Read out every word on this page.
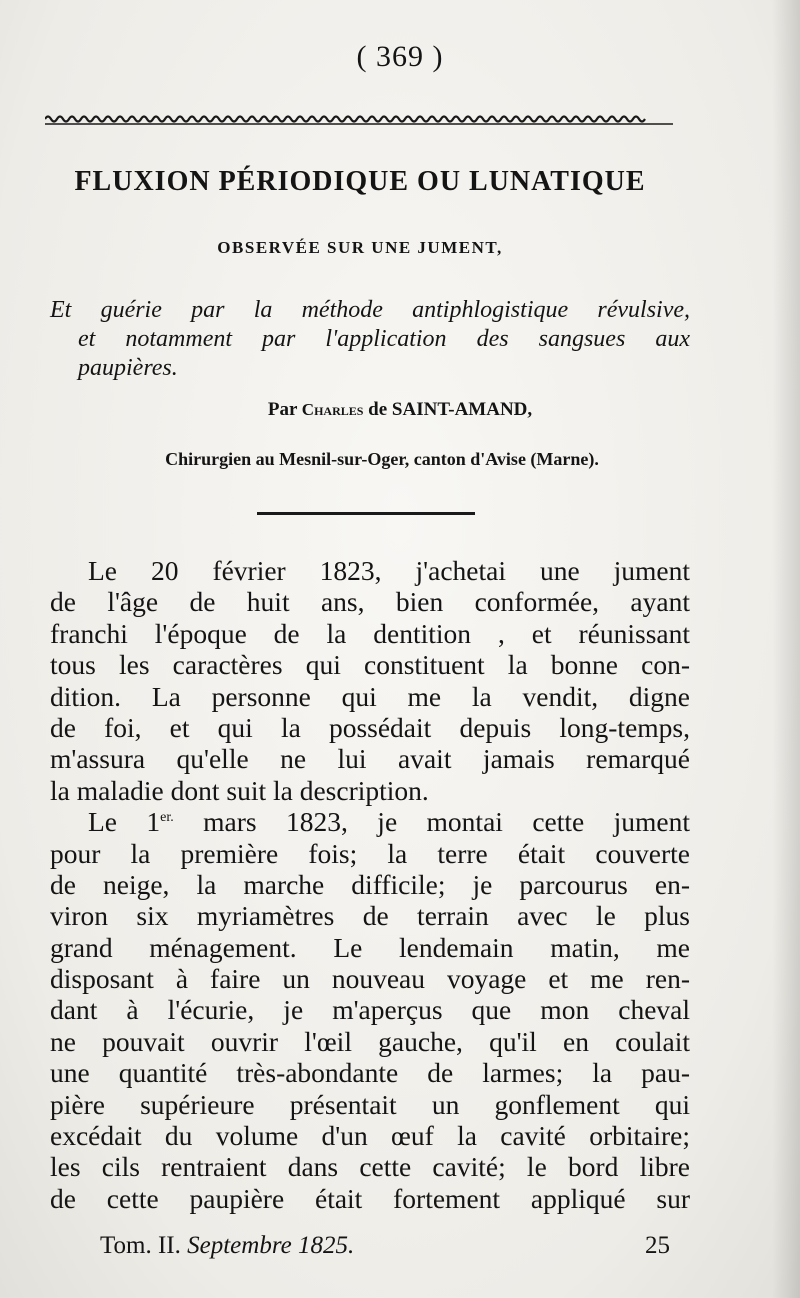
( 369 )
FLUXION PÉRIODIQUE OU LUNATIQUE
OBSERVÉE SUR UNE JUMENT,
Et guérie par la méthode antiphlogistique révulsive,
et notamment par l'application des sangsues aux
paupières.
Par Charles de SAINT-AMAND,
Chirurgien au Mesnil-sur-Oger, canton d'Avise (Marne).
Le 20 février 1823, j'achetai une jument
de l'âge de huit ans, bien conformée, ayant
franchi l'époque de la dentition , et réunissant
tous les caractères qui constituent la bonne con-
dition. La personne qui me la vendit, digne
de foi, et qui la possédait depuis long-temps,
m'assura qu'elle ne lui avait jamais remarqué
la maladie dont suit la description.
Le $1^{er.}$ mars 1823, je montai cette jument
pour la première fois; la terre était couverte
de neige, la marche difficile; je parcourus en-
viron six myriamètres de terrain avec le plus
grand ménagement. Le lendemain matin, me
disposant à faire un nouveau voyage et me ren-
dant à l'écurie, je m'aperçus que mon cheval
ne pouvait ouvrir l'œil gauche, qu'il en coulait
une quantité très-abondante de larmes; la pau-
pière supérieure présentait un gonflement qui
excédait du volume d'un œuf la cavité orbitaire;
les cils rentraient dans cette cavité; le bord libre
de cette paupière était fortement appliqué sur
Tom. II. Septembre 1825.	25
